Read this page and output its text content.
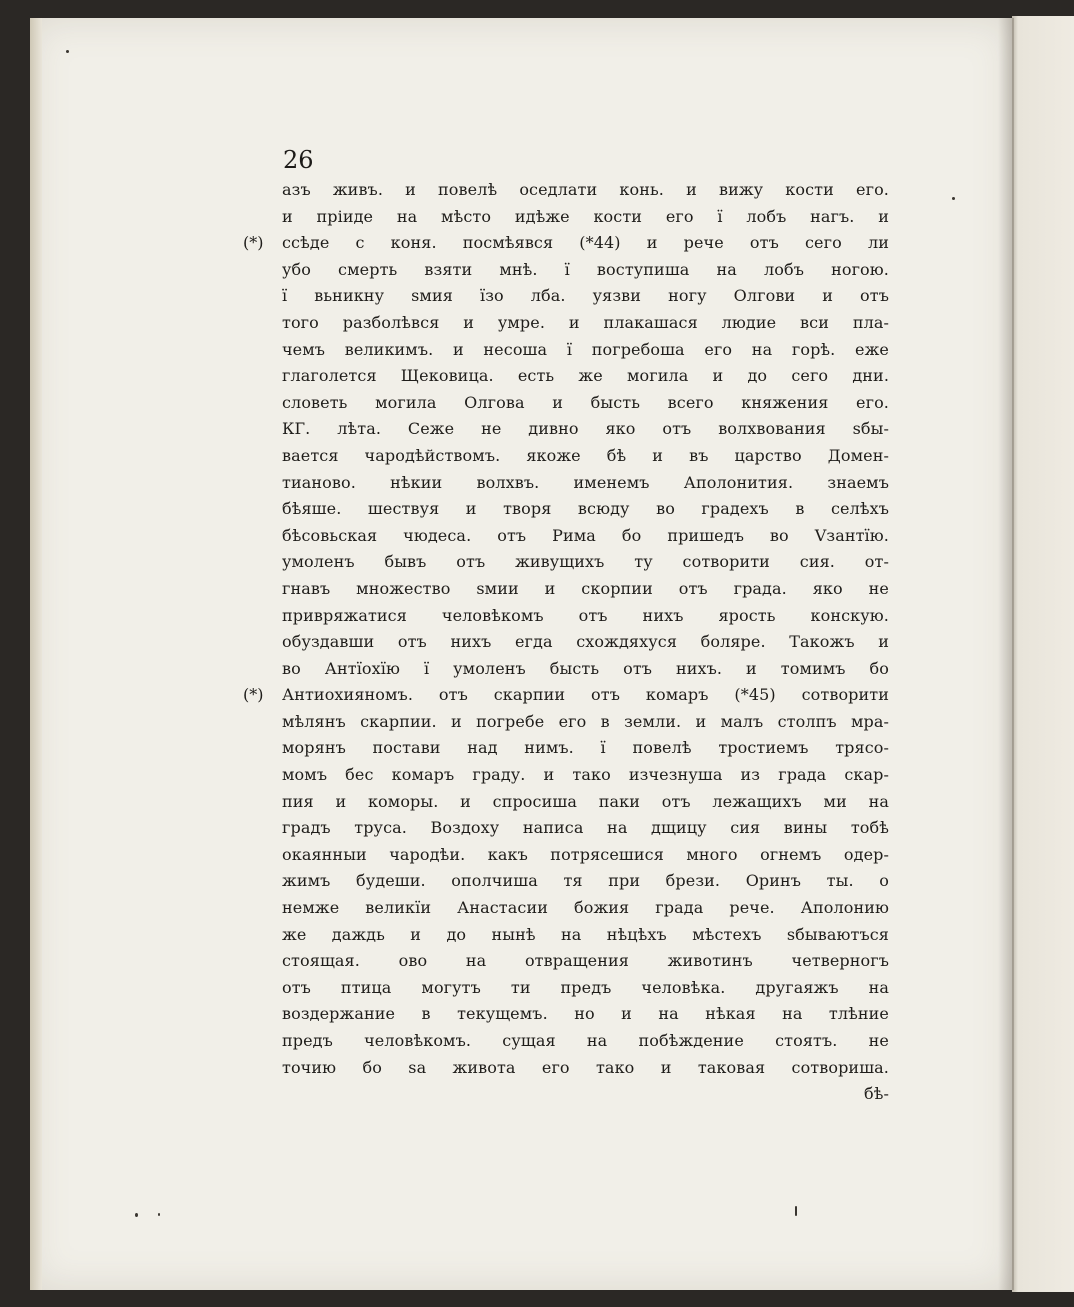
26
азъ живъ. и повелѣ оседлати конь. и вижу кости его.
и прiиде на мѣсто идѣже кости его ï лобъ нагъ. и
ссѣде с коня. посмѣявся (*44) и рече отъ сего ли
убо смерть взяти мнѣ. ï воступиша на лобъ ногою.
ï вьникну ѕмия ïзо лба. уязви ногу Олгови и отъ
того разболѣвся и умре. и плакашася людие вси пла-
чемъ великимъ. и несоша ï погребоша его на горѣ. еже
глаголется Щековица. есть же могила и до сего дни.
словеть могила Олгова и бысть всего княжения его.
КГ. лѣта. Сеже не дивно яко отъ волхвования ѕбы-
вается чародѣйствомъ. якоже бѣ и въ царство Домен-
тианово. нѣкии волхвъ. именемъ Аполонития. знаемъ
бѣяше. шествуя и творя всюду во градехъ в селѣхъ
бѣсовьская чюдеса. отъ Рима бо пришедъ во Vзантïю.
умоленъ бывъ отъ живущихъ ту сотворити сия. от-
гнавъ множество ѕмии и скорпии отъ града. яко не
привряжатися человѣкомъ отъ нихъ ярость конскую.
обуздавши отъ нихъ егда схождяхуся боляре. Такожъ и
во Антïохïю ï умоленъ бысть отъ нихъ. и томимъ бо
Антиохияномъ. отъ скарпии отъ комаръ (*45) сотворити
мѣлянъ скарпии. и погребе его в земли. и малъ столпъ мра-
морянъ постави над нимъ. ï повелѣ тростиемъ трясо-
момъ бес комаръ граду. и тако изчезнуша из града скар-
пия и коморы. и спросиша паки отъ лежащихъ ми на
градъ труса. Воздоху написа на дщицу сия вины тобѣ
окаянныи чародѣи. какъ потрясешися много огнемъ одер-
жимъ будеши. ополчиша тя при брези. Оринъ ты. о
немже великïи Анастасии божия града рече. Аполонию
же даждь и до нынѣ на нѣцѣхъ мѣстехъ ѕбываютъся
стоящая. ово на отвращения животинъ четверногъ
отъ птица могутъ ти предъ человѣка. другаяжъ на
воздержание в текущемъ. но и на нѣкая на тлѣние
предъ человѣкомъ. сущая на побѣждение стоятъ. не
точию бо ѕа живота его тако и таковая сотвориша.
бѣ-
(*)
(*)
